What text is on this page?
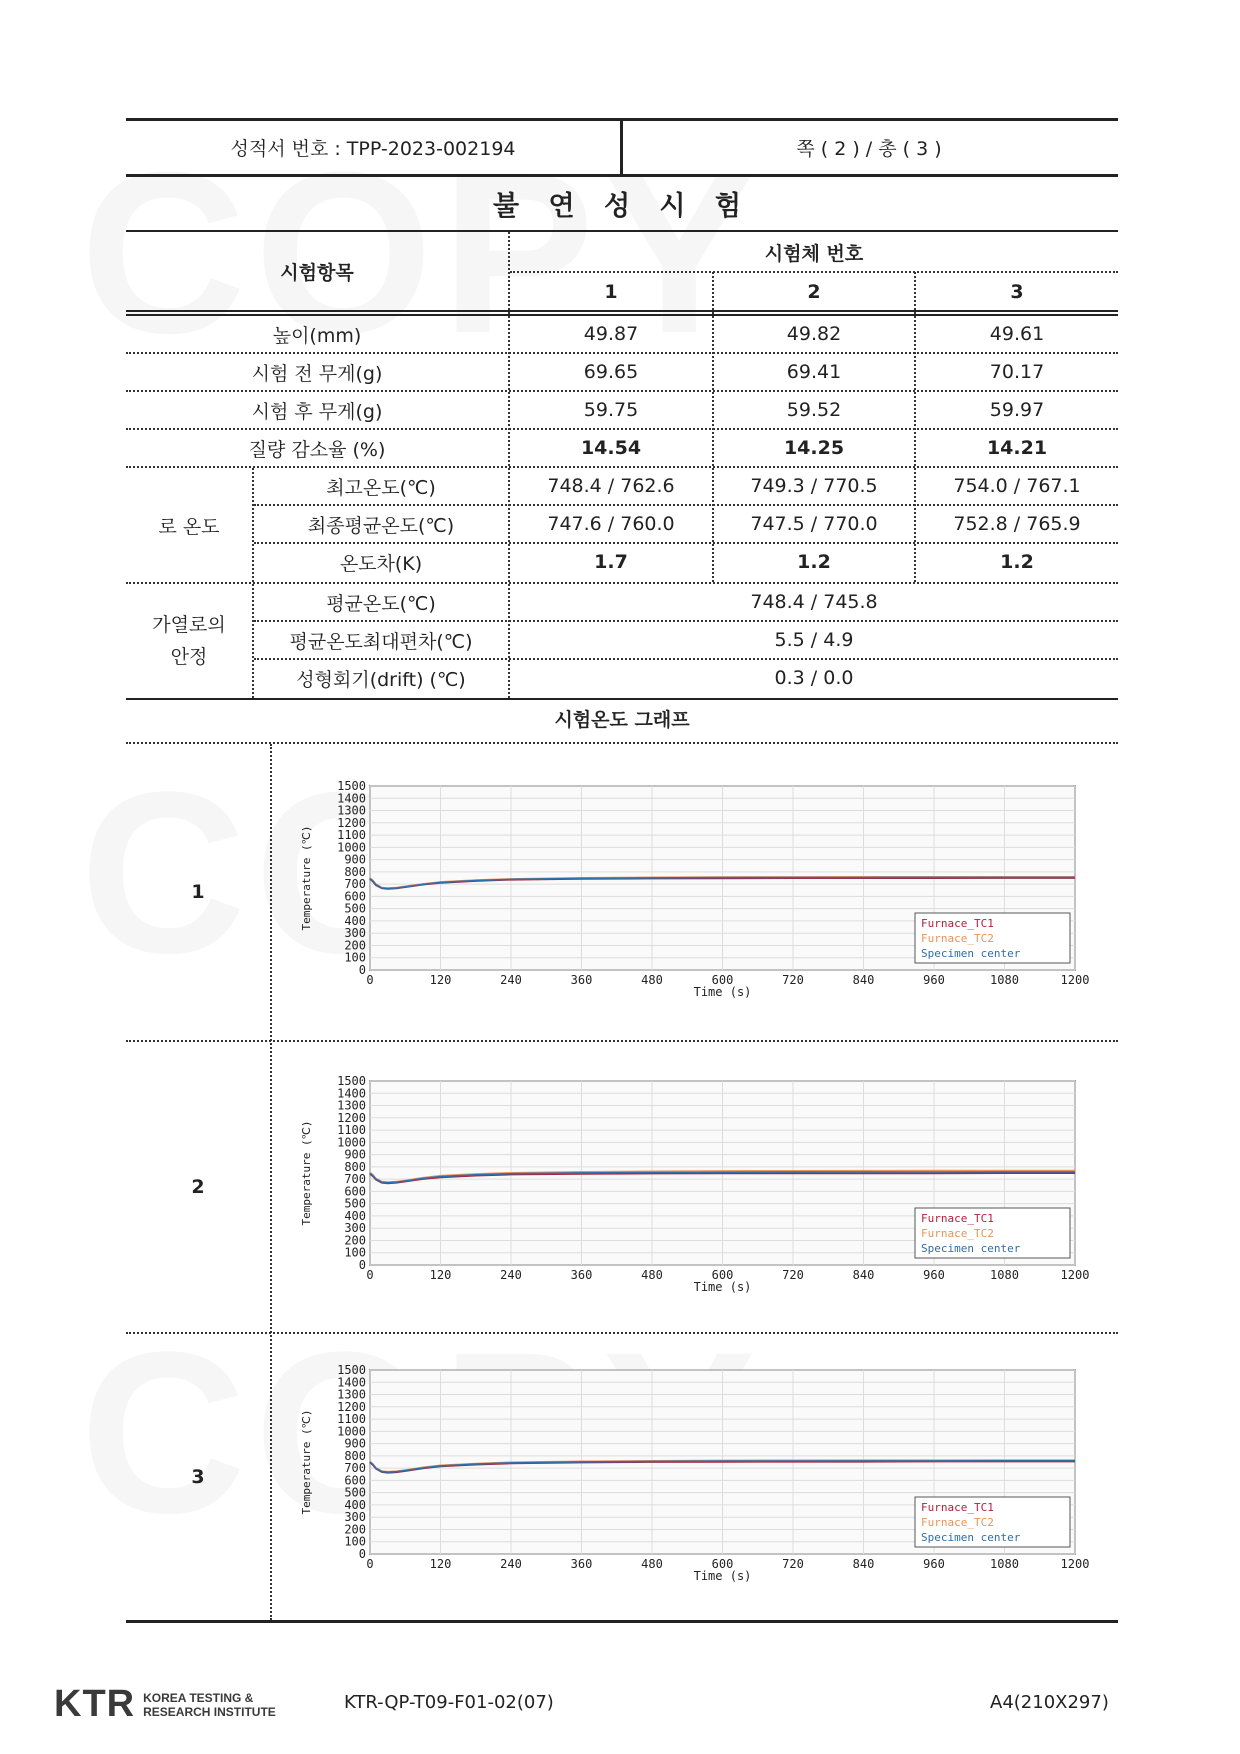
성적서 번호 : TPP-2023-002194	쪽 ( 2 ) / 총 ( 3 )
불 연 성 시 험
시험항목
시험체 번호
1	2	3
높이(mm)	49.87	49.82	49.61
시험 전 무게(g)	69.65	69.41	70.17
시험 후 무게(g)	59.75	59.52	59.97
질량 감소율 (%)	14.54	14.25	14.21
로 온도
최고온도(℃)	748.4 / 762.6	749.3 / 770.5	754.0 / 767.1
최종평균온도(℃)	747.6 / 760.0	747.5 / 770.0	752.8 / 765.9
온도차(K)	1.7	1.2	1.2
가열로의
안정
평균온도(℃)	748.4 / 745.8
평균온도최대편차(℃)	5.5 / 4.9
성형회기(drift) (℃)	0.3 / 0.0
시험온도 그래프
1
0
100
200
300
400
500
600
700
800
900
1000
1100
1200
1300
1400
1500
0	120	240	360	480	600	720	840	960	1080	1200
Time (s)
Temperature (℃)	Furnace_TC1
Furnace_TC2
Specimen center
2
0
100
200
300
400
500
600
700
800
900
1000
1100
1200
1300
1400
1500
0	120	240	360	480	600	720	840	960	1080	1200
Time (s)
Temperature (℃)	Furnace_TC1
Furnace_TC2
Specimen center
3
0
100
200
300
400
500
600
700
800
900
1000
1100
1200
1300
1400
1500
0	120	240	360	480	600	720	840	960	1080	1200
Time (s)
Temperature (℃)	Furnace_TC1
Furnace_TC2
Specimen center
KTR KOREA TESTING &
RESEARCH INSTITUTE	KTR-QP-T09-F01-02(07)	A4(210X297)
